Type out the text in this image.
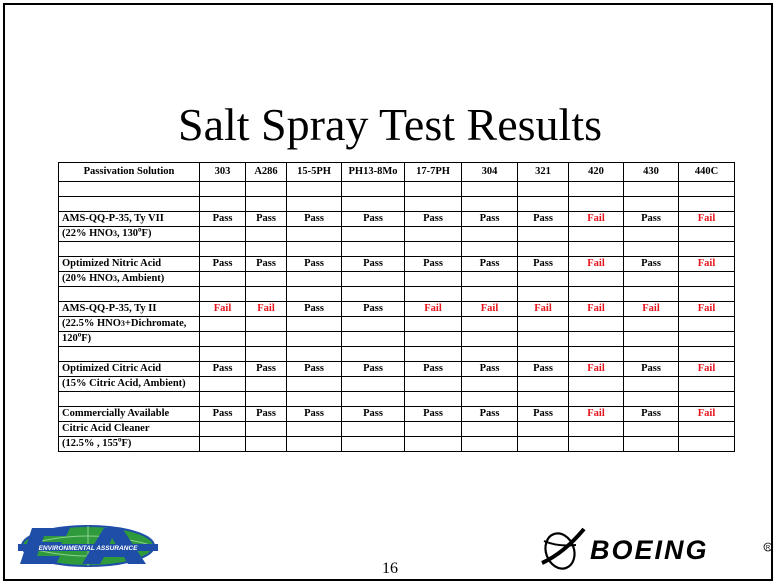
Salt Spray Test Results
Passivation Solution	303	A286	15-5PH	PH13-8Mo	17-7PH	304	321	420	430	440C

AMS-QQ-P-35, Ty VII	Pass	Pass	Pass	Pass	Pass	Pass	Pass	Fail	Pass	Fail
(22% HNO3, 130$^o$F)										

Optimized Nitric Acid	Pass	Pass	Pass	Pass	Pass	Pass	Pass	Fail	Pass	Fail
(20% HNO3, Ambient)										

AMS-QQ-P-35, Ty II	Fail	Fail	Pass	Pass	Fail	Fail	Fail	Fail	Fail	Fail
(22.5% HNO3+Dichromate,										
120$^o$F)										

Optimized Citric Acid	Pass	Pass	Pass	Pass	Pass	Pass	Pass	Fail	Pass	Fail
(15% Citric Acid, Ambient)										

Commercially Available	Pass	Pass	Pass	Pass	Pass	Pass	Pass	Fail	Pass	Fail
Citric Acid Cleaner										
(12.5% , 155$^o$F)										
16
ENVIRONMENTAL ASSURANCE	BOEING	R
